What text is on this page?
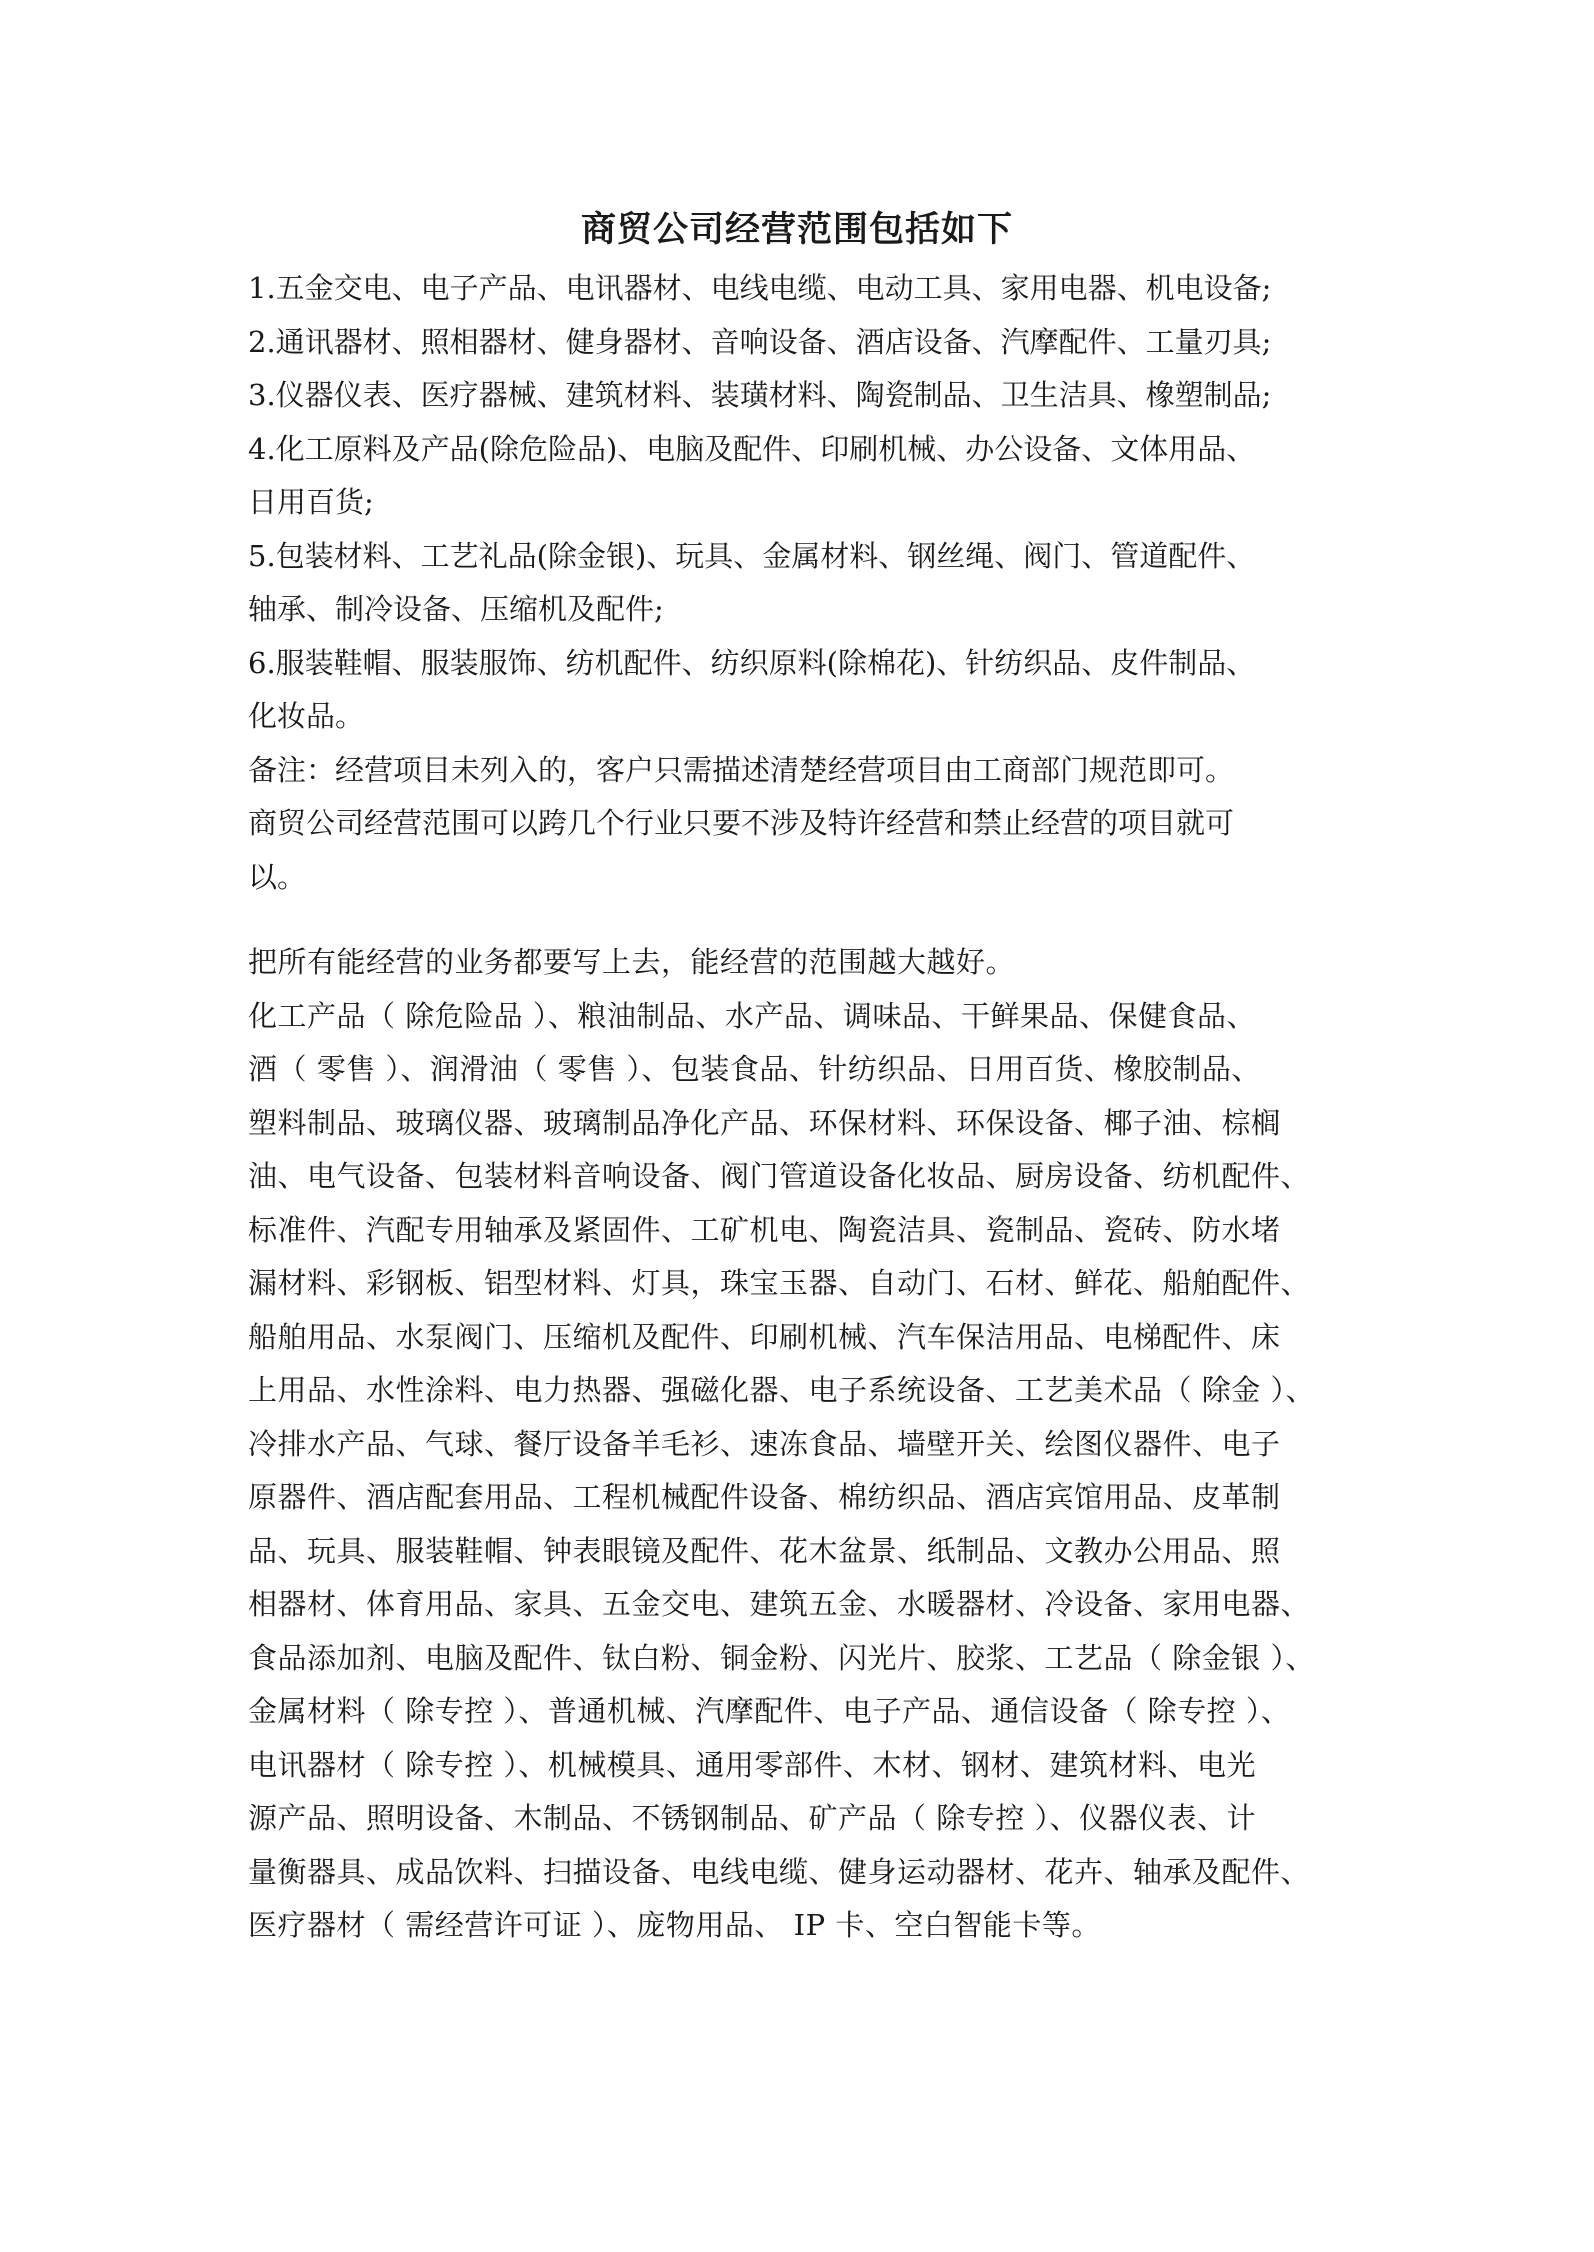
商贸公司经营范围包括如下

1.五金交电、电子产品、电讯器材、电线电缆、电动工具、家用电器、机电设备;

2.通讯器材、照相器材、健身器材、音响设备、酒店设备、汽摩配件、工量刃具;

3.仪器仪表、医疗器械、建筑材料、装璜材料、陶瓷制品、卫生洁具、橡塑制品;

4.化工原料及产品(除危险品)、电脑及配件、印刷机械、办公设备、文体用品、

日用百货;

5.包装材料、工艺礼品(除金银)、玩具、金属材料、钢丝绳、阀门、管道配件、

轴承、制冷设备、压缩机及配件;

6.服装鞋帽、服装服饰、纺机配件、纺织原料(除棉花)、针纺织品、皮件制品、

化妆品。

备注：经营项目未列入的，客户只需描述清楚经营项目由工商部门规范即可。

商贸公司经营范围可以跨几个行业只要不涉及特许经营和禁止经营的项目就可

以。

把所有能经营的业务都要写上去，能经营的范围越大越好。

化工产品（ 除危险品 ）、粮油制品、水产品、调味品、干鲜果品、保健食品、

酒（ 零售 ）、润滑油（ 零售 ）、包装食品、针纺织品、日用百货、橡胶制品、

塑料制品、玻璃仪器、玻璃制品净化产品、环保材料、环保设备、椰子油、棕榈

油、电气设备、包装材料音响设备、阀门管道设备化妆品、厨房设备、纺机配件、

标准件、汽配专用轴承及紧固件、工矿机电、陶瓷洁具、瓷制品、瓷砖、防水堵

漏材料、彩钢板、铝型材料、灯具，珠宝玉器、自动门、石材、鲜花、船舶配件、

船舶用品、水泵阀门、压缩机及配件、印刷机械、汽车保洁用品、电梯配件、床

上用品、水性涂料、电力热器、强磁化器、电子系统设备、工艺美术品（ 除金 ）、

冷排水产品、气球、餐厅设备羊毛衫、速冻食品、墙壁开关、绘图仪器件、电子

原器件、酒店配套用品、工程机械配件设备、棉纺织品、酒店宾馆用品、皮革制

品、玩具、服装鞋帽、钟表眼镜及配件、花木盆景、纸制品、文教办公用品、照

相器材、体育用品、家具、五金交电、建筑五金、水暖器材、冷设备、家用电器、

食品添加剂、电脑及配件、钛白粉、铜金粉、闪光片、胶浆、工艺品（ 除金银 ）、

金属材料（ 除专控 ）、普通机械、汽摩配件、电子产品、通信设备（ 除专控 ）、

电讯器材（ 除专控 ）、机械模具、通用零部件、木材、钢材、建筑材料、电光

源产品、照明设备、木制品、不锈钢制品、矿产品（ 除专控 ）、仪器仪表、计

量衡器具、成品饮料、扫描设备、电线电缆、健身运动器材、花卉、轴承及配件、

医疗器材（ 需经营许可证 ）、庞物用品、 IP 卡、空白智能卡等。
